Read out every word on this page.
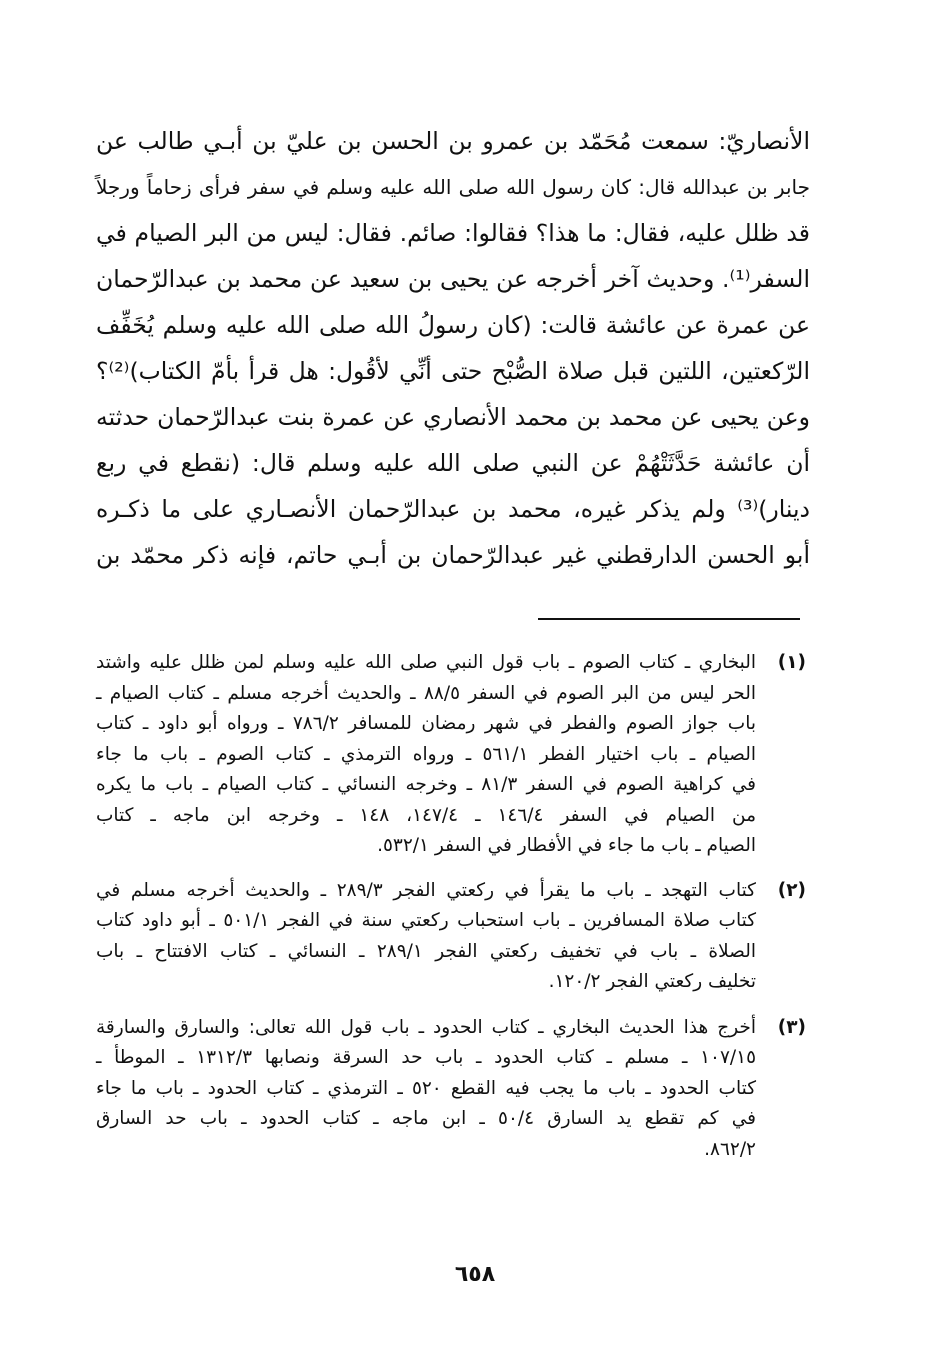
الأنصاريّ: سمعت مُحَمّد بن عمرو بن الحسن بن عليّ بن أبـي طالب عن
جابر بن عبدالله قال: كان رسول الله صلى الله عليه وسلم في سفر فرأى زحاماً ورجلاً
قد ظلل عليه، فقال: ما هذا؟ فقالوا: صائم. فقال: ليس من البر الصيام في
السفر⁽¹⁾. وحديث آخر أخرجه عن يحيى بن سعيد عن محمد بن عبدالرّحمان
عن عمرة عن عائشة قالت: (كان رسولُ الله صلى الله عليه وسلم يُخَفِّف
الرّكعتين، اللتين قبل صلاة الصُّبْح حتى أنِّي لأقُول: هل قرأ بأمّ الكتاب)⁽²⁾؟
وعن يحيى عن محمد بن محمد الأنصاري عن عمرة بنت عبدالرّحمان حدثته
أن عائشة حَدَّثَتْهُمْ عن النبي صلى الله عليه وسلم قال: (نقطع في ربع
دينار)⁽³⁾ ولم يذكر غيره، محمد بن عبدالرّحمان الأنصـاري على ما ذكـره
أبو الحسن الدارقطني غير عبدالرّحمان بن أبـي حاتم، فإنه ذكر محمّد بن
(١)
البخاري ـ كتاب الصوم ـ باب قول النبي صلى الله عليه وسلم لمن ظلل عليه واشتد
الحر ليس من البر الصوم في السفر ٨٨/٥ ـ والحديث أخرجه مسلم ـ كتاب الصيام ـ
باب جواز الصوم والفطر في شهر رمضان للمسافر ٧٨٦/٢ ـ ورواه أبو داود ـ كتاب
الصيام ـ باب اختيار الفطر ٥٦١/١ ـ ورواه الترمذي ـ كتاب الصوم ـ باب ما جاء
في كراهية الصوم في السفر ٨١/٣ ـ وخرجه النسائي ـ كتاب الصيام ـ باب ما يكره
من الصيام في السفر ١٤٦/٤ ـ ١٤٧/٤، ١٤٨ ـ وخرجه ابن ماجه ـ كتاب
الصيام ـ باب ما جاء في الأفطار في السفر ٥٣٢/١.
(٢)
كتاب التهجد ـ باب ما يقرأ في ركعتي الفجر ٢٨٩/٣ ـ والحديث أخرجه مسلم في
كتاب صلاة المسافرين ـ باب استحباب ركعتي سنة في الفجر ٥٠١/١ ـ أبو داود كتاب
الصلاة ـ باب في تخفيف ركعتي الفجر ٢٨٩/١ ـ النسائي ـ كتاب الافتتاح ـ باب
تخليف ركعتي الفجر ١٢٠/٢.
(٣)
أخرج هذا الحديث البخاري ـ كتاب الحدود ـ باب قول الله تعالى: والسارق والسارقة
١٠٧/١٥ ـ مسلم ـ كتاب الحدود ـ باب حد السرقة ونصابها ١٣١٢/٣ ـ الموطأ ـ
كتاب الحدود ـ باب ما يجب فيه القطع ٥٢٠ ـ الترمذي ـ كتاب الحدود ـ باب ما جاء
في كم تقطع يد السارق ٥٠/٤ ـ ابن ماجه ـ كتاب الحدود ـ باب حد السارق
٨٦٢/٢.
٦٥٨
